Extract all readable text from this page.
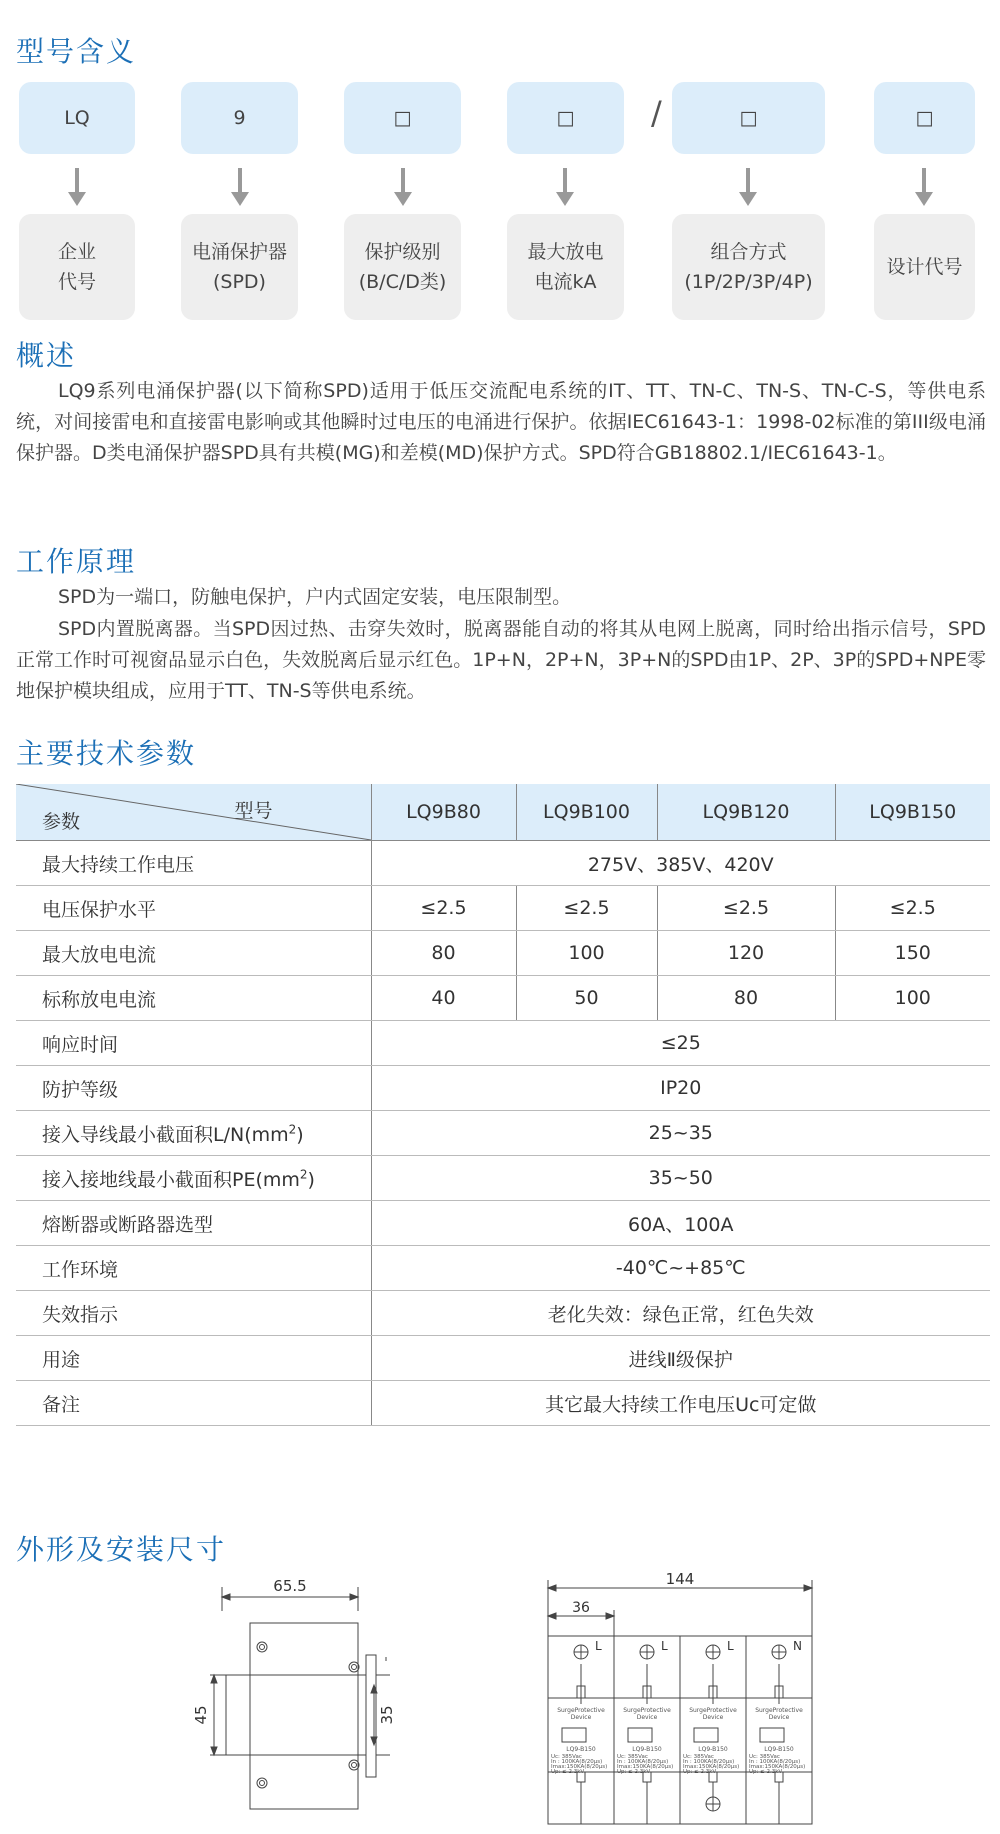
型号含义
LQ	9	□	□	/	□	□
企业
代号
电涌保护器
(SPD)
保护级别
(B/C/D类)
最大放电
电流kA
组合方式
(1P/2P/3P/4P)
设计代号
概述

LQ9系列电涌保护器(以下简称SPD)适用于低压交流配电系统的IT、TT、TN-C、TN-S、TN-C-S，等供电系统，对间接雷电和直接雷电影响或其他瞬时过电压的电涌进行保护。依据IEC61643-1：1998-02标准的第III级电涌保护器。D类电涌保护器SPD具有共模(MG)和差模(MD)保护方式。SPD符合GB18802.1/IEC61643-1。

工作原理

SPD为一端口，防触电保护，户内式固定安装，电压限制型。

SPD内置脱离器。当SPD因过热、击穿失效时，脱离器能自动的将其从电网上脱离，同时给出指示信号，SPD正常工作时可视窗品显示白色，失效脱离后显示红色。1P+N，2P+N，3P+N的SPD由1P、2P、3P的SPD+NPE零地保护模块组成，应用于TT、TN-S等供电系统。

主要技术参数
型号
参数	LQ9B80	LQ9B100	LQ9B120	LQ9B150
最大持续工作电压	275V、385V、420V			
电压保护水平	≤2.5	≤2.5	≤2.5	≤2.5
最大放电电流	80	100	120	150
标称放电电流	40	50	80	100
响应时间	≤25			
防护等级	IP20			
接入导线最小截面积$L/N(mm^2)$	25~35			
接入接地线最小截面积$PE(mm^2)$	35~50			
熔断器或断路器选型	60A、100A			
工作环境	-40℃~+85℃			
失效指示	老化失效：绿色正常，红色失效			
用途	进线Ⅱ级保护			
备注	其它最大持续工作电压Uc可定做			
外形及安装尺寸
65.5
45	35
144
36
L	L	L	N
SurgeProtective Device
SurgeProtective Device
SurgeProtective Device
SurgeProtective Device
LQ9-B150	LQ9-B150	LQ9-B150	LQ9-B150
Uc: 385Vac
In : 100KA(8/20μs)
Imax:150KA(8/20μs)
Up: ≤ 2.3kV
Uc: 385Vac
In : 100KA(8/20μs)
Imax:150KA(8/20μs)
Up: ≤ 2.3kV
Uc: 385Vac
In : 100KA(8/20μs)
Imax:150KA(8/20μs)
Up: ≤ 2.3kV
Uc: 385Vac
In : 100KA(8/20μs)
Imax:150KA(8/20μs)
Up: ≤ 2.3kV
